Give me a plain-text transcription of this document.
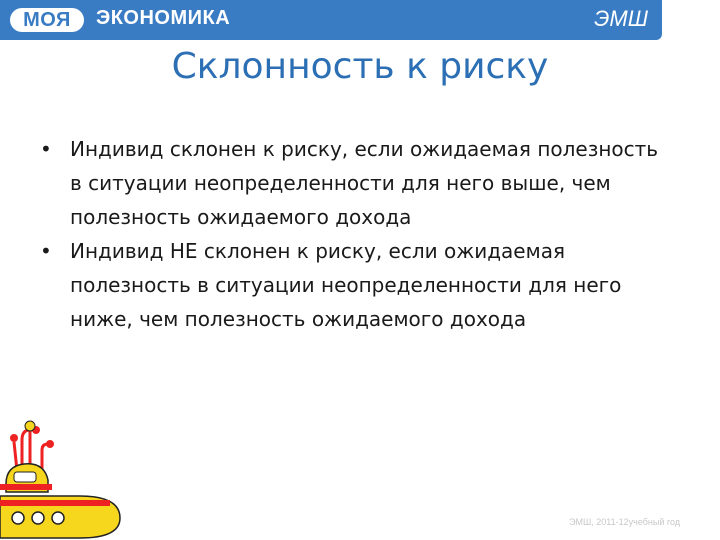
МОЯ	ЭКОНОМИКА	ЭМШ
Склонность к риску
• Индивид склонен к риску, если ожидаемая полезность в ситуации неопределенности для него выше, чем полезность ожидаемого дохода
• Индивид НЕ склонен к риску, если ожидаемая полезность в ситуации неопределенности для него ниже, чем полезность ожидаемого дохода
ЭМШ, 2011-12учебный год
